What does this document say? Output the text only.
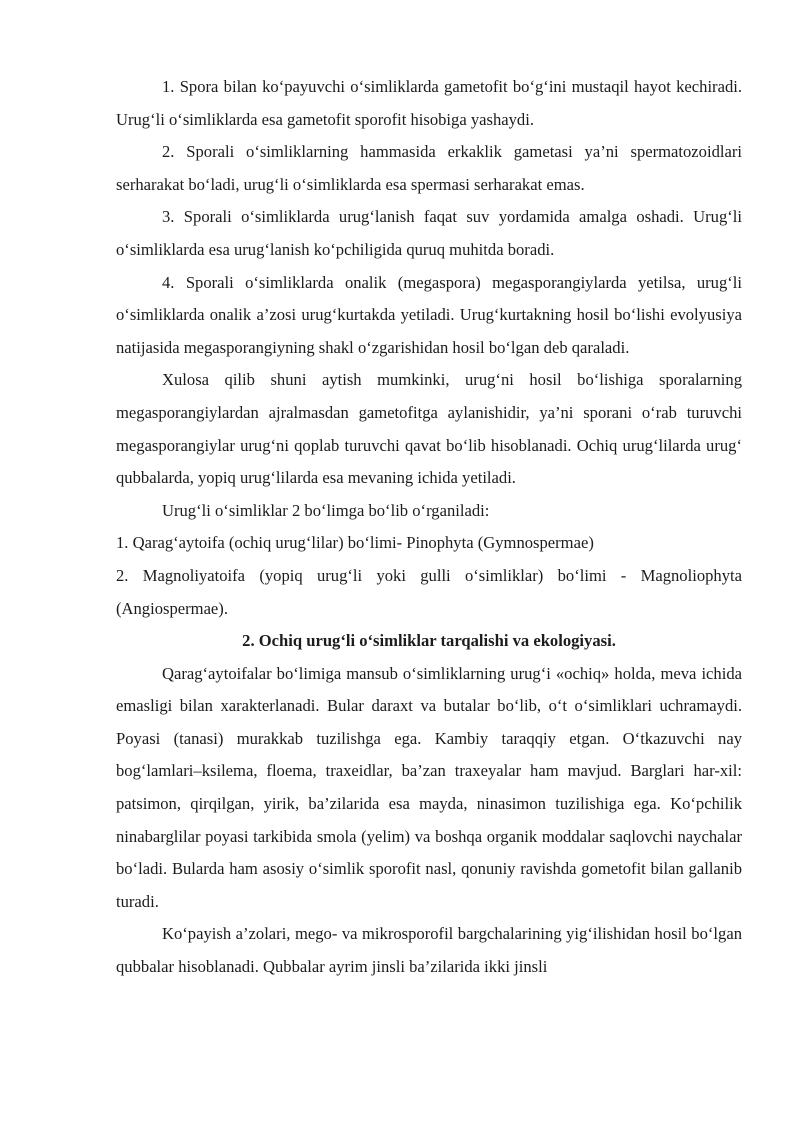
1. Spora bilan ko‘payuvchi o‘simliklarda gametofit bo‘g‘ini mustaqil hayot kechiradi. Urug‘li o‘simliklarda esa gametofit sporofit hisobiga yashaydi.

2. Sporali o‘simliklarning hammasida erkaklik gametasi ya’ni spermatozoidlari serharakat bo‘ladi, urug‘li o‘simliklarda esa spermasi serharakat emas.

3. Sporali o‘simliklarda urug‘lanish faqat suv yordamida amalga oshadi. Urug‘li o‘simliklarda esa urug‘lanish ko‘pchiligida quruq muhitda boradi.

4. Sporali o‘simliklarda onalik (megaspora) megasporangiylarda yetilsa, urug‘li o‘simliklarda onalik a’zosi urug‘kurtakda yetiladi. Urug‘kurtakning hosil bo‘lishi evolyusiya natijasida megasporangiyning shakl o‘zgarishidan hosil bo‘lgan deb qaraladi.

Xulosa qilib shuni aytish mumkinki, urug‘ni hosil bo‘lishiga sporalarning megasporangiylardan ajralmasdan gametofitga aylanishidir, ya’ni sporani o‘rab turuvchi megasporangiylar urug‘ni qoplab turuvchi qavat bo‘lib hisoblanadi. Ochiq urug‘lilarda urug‘ qubbalarda, yopiq urug‘lilarda esa mevaning ichida yetiladi.

Urug‘li o‘simliklar 2 bo‘limga bo‘lib o‘rganiladi:

1. Qarag‘aytoifa (ochiq urug‘lilar) bo‘limi- Pinophyta (Gymnospermae)

2. Magnoliyatoifa (yopiq urug‘li yoki gulli o‘simliklar) bo‘limi - Magnoliophyta (Angiospermae).

2. Ochiq urug‘li o‘simliklar tarqalishi va ekologiyasi.

Qarag‘aytoifalar bo‘limiga mansub o‘simliklarning urug‘i «ochiq» holda, meva ichida emasligi bilan xarakterlanadi. Bular daraxt va butalar bo‘lib, o‘t o‘simliklari uchramaydi. Poyasi (tanasi) murakkab tuzilishga ega. Kambiy taraqqiy etgan. O‘tkazuvchi nay bog‘lamlari–ksilema, floema, traxeidlar, ba’zan traxeyalar ham mavjud. Barglari har-xil: patsimon, qirqilgan, yirik, ba’zilarida esa mayda, ninasimon tuzilishiga ega. Ko‘pchilik ninabarglilar poyasi tarkibida smola (yelim) va boshqa organik moddalar saqlovchi naychalar bo‘ladi. Bularda ham asosiy o‘simlik sporofit nasl, qonuniy ravishda gometofit bilan gallanib turadi.

Ko‘payish a’zolari, mego- va mikrosporofil bargchalarining yig‘ilishidan hosil bo‘lgan qubbalar hisoblanadi. Qubbalar ayrim jinsli ba’zilarida ikki jinsli
